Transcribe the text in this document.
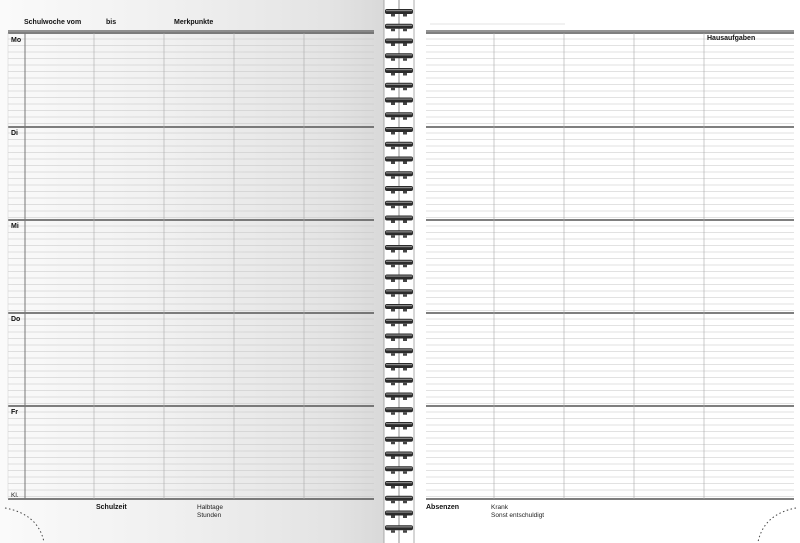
Schulwoche vom	bis	Merkpunkte
Mo
Di
Mi
Do
Fr
Kl.
Schulzeit	Halbtage
Stunden
Hausaufgaben
Absenzen	Krank
Sonst entschuldigt
